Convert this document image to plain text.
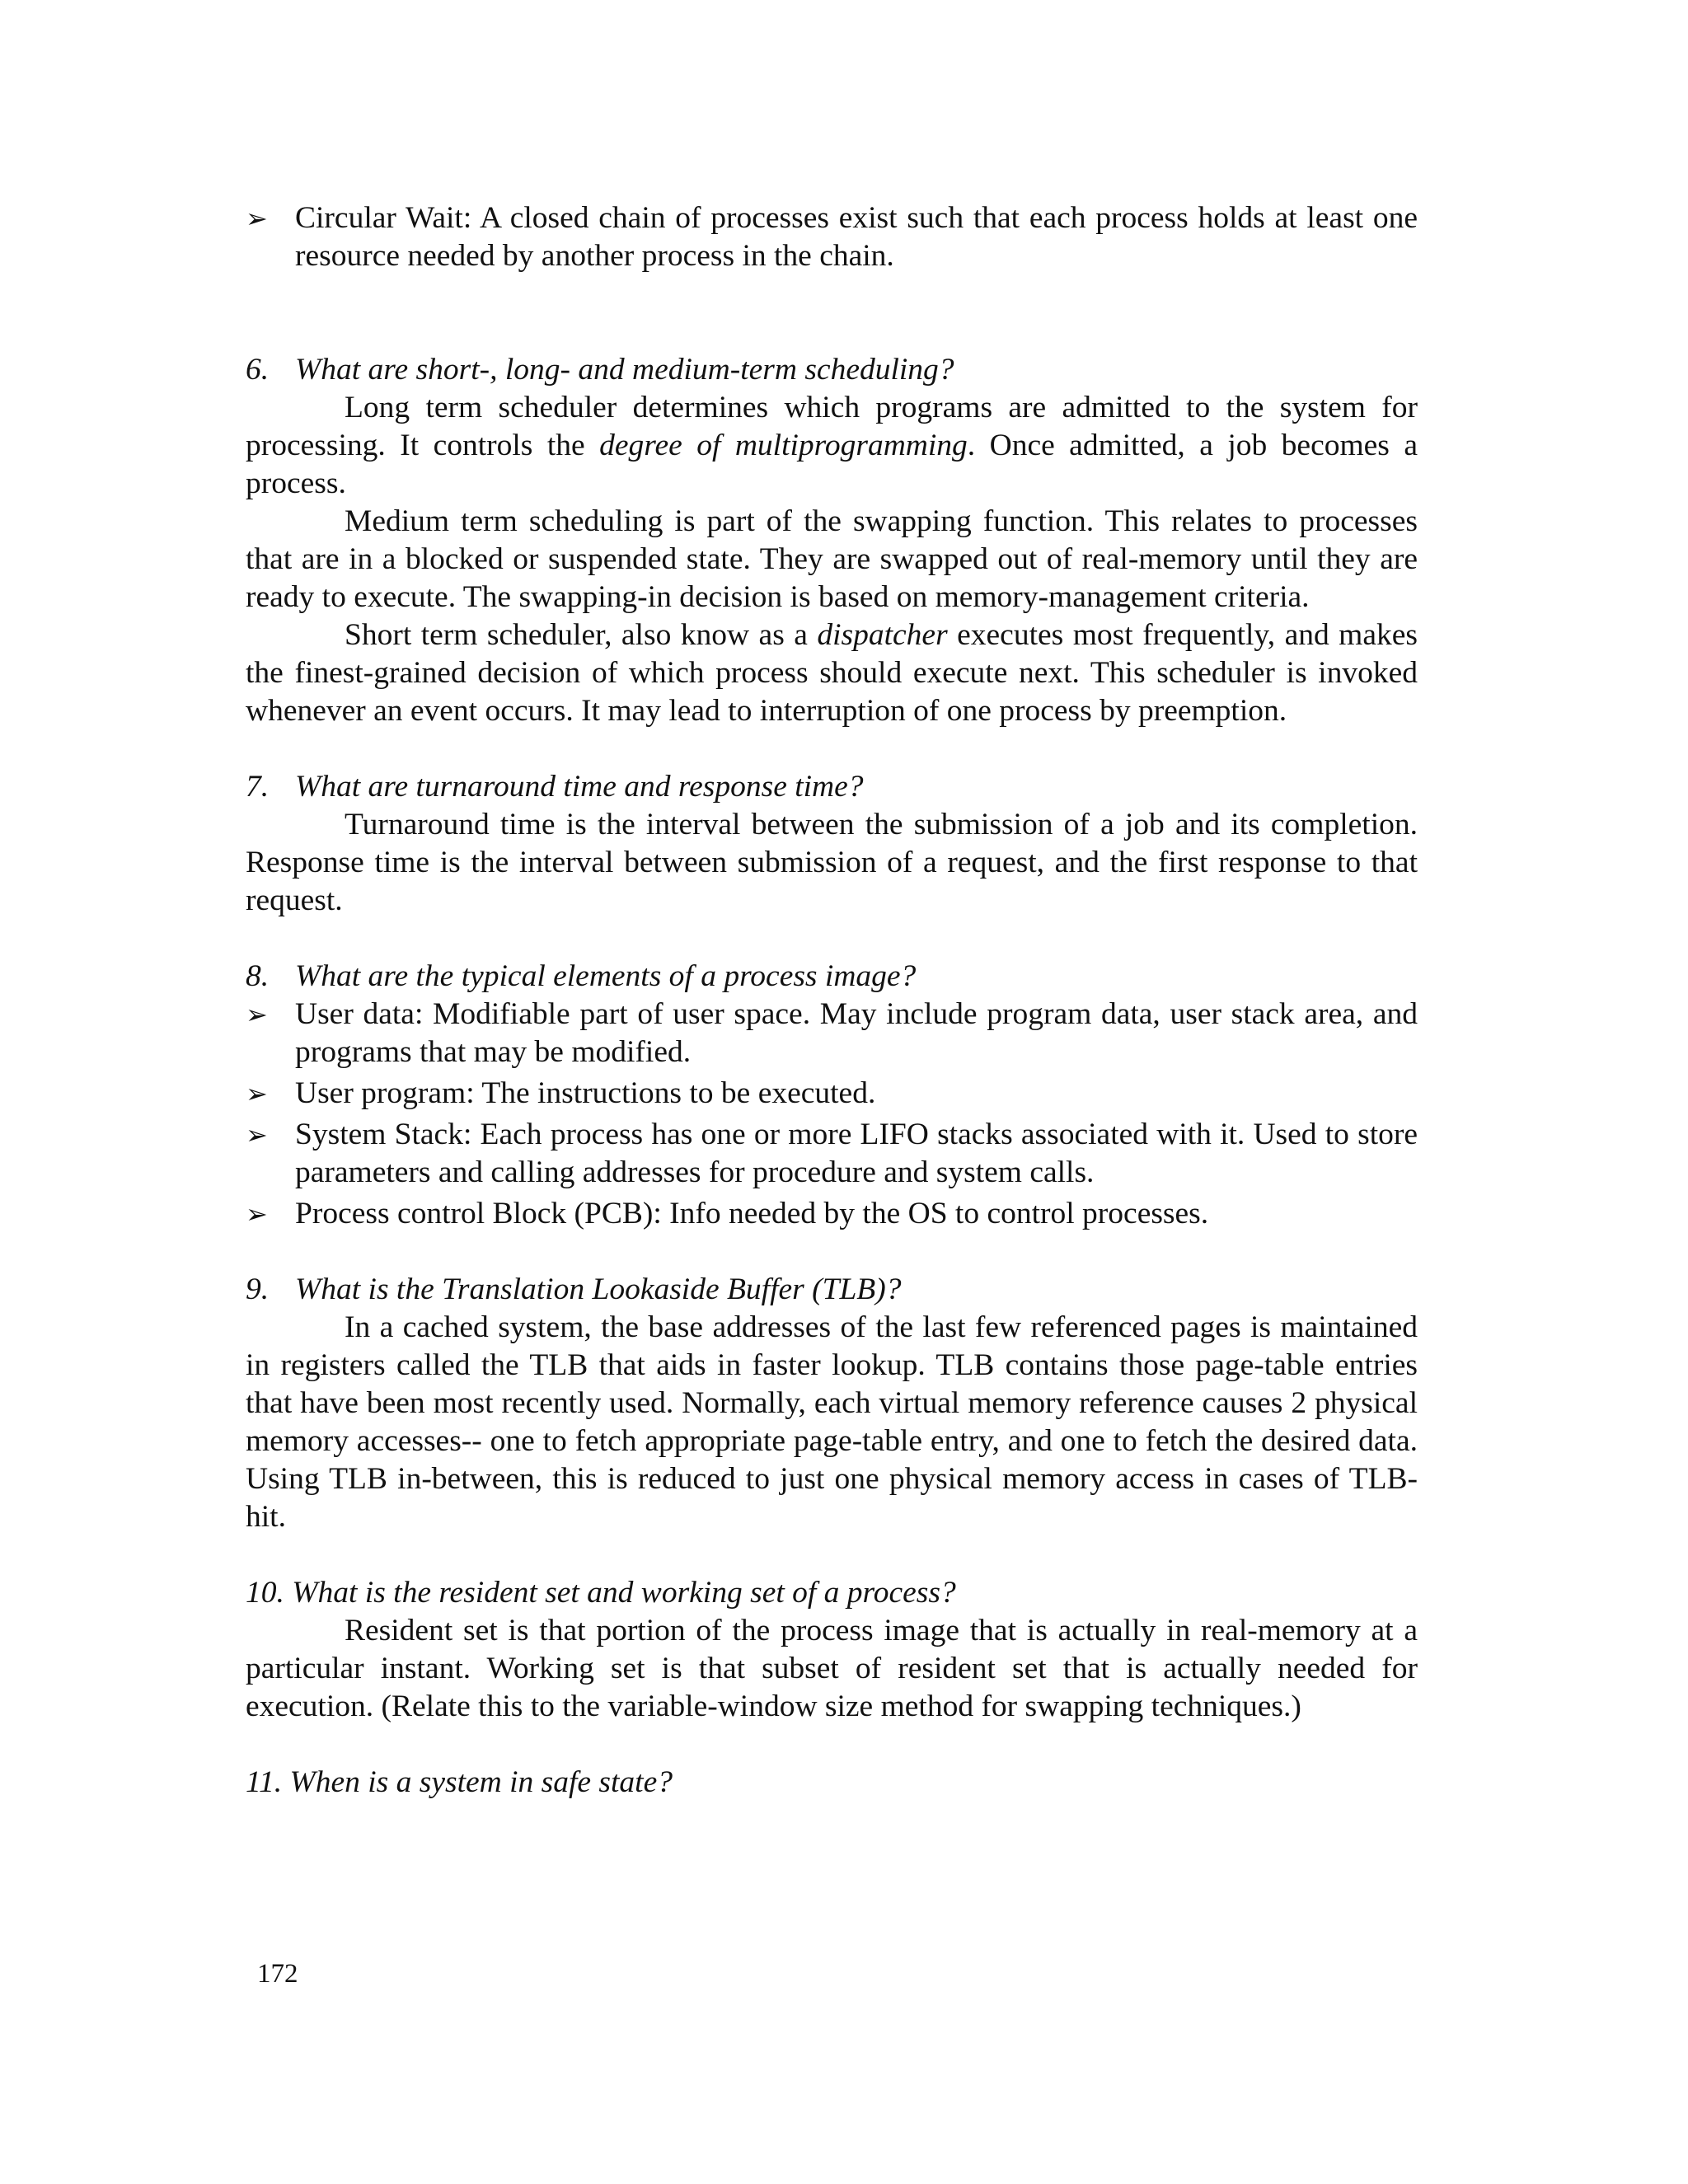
➢ Circular Wait: A closed chain of processes exist such that each process holds at least one resource needed by another process in the chain.

6. What are short-, long- and medium-term scheduling?

Long term scheduler determines which programs are admitted to the system for processing. It controls the degree of multiprogramming. Once admitted, a job becomes a process.

Medium term scheduling is part of the swapping function. This relates to processes that are in a blocked or suspended state. They are swapped out of real-memory until they are ready to execute. The swapping-in decision is based on memory-management criteria.

Short term scheduler, also know as a dispatcher executes most frequently, and makes the finest-grained decision of which process should execute next. This scheduler is invoked whenever an event occurs. It may lead to interruption of one process by preemption.

7. What are turnaround time and response time?

Turnaround time is the interval between the submission of a job and its completion. Response time is the interval between submission of a request, and the first response to that request.

8. What are the typical elements of a process image?

➢ User data: Modifiable part of user space. May include program data, user stack area, and programs that may be modified.

➢ User program: The instructions to be executed.

➢ System Stack: Each process has one or more LIFO stacks associated with it. Used to store parameters and calling addresses for procedure and system calls.

➢ Process control Block (PCB): Info needed by the OS to control processes.

9. What is the Translation Lookaside Buffer (TLB)?

In a cached system, the base addresses of the last few referenced pages is maintained in registers called the TLB that aids in faster lookup. TLB contains those page-table entries that have been most recently used. Normally, each virtual memory reference causes 2 physical memory accesses-- one to fetch appropriate page-table entry, and one to fetch the desired data. Using TLB in-between, this is reduced to just one physical memory access in cases of TLB-hit.

10. What is the resident set and working set of a process?

Resident set is that portion of the process image that is actually in real-memory at a particular instant. Working set is that subset of resident set that is actually needed for execution. (Relate this to the variable-window size method for swapping techniques.)

11. When is a system in safe state?

172
